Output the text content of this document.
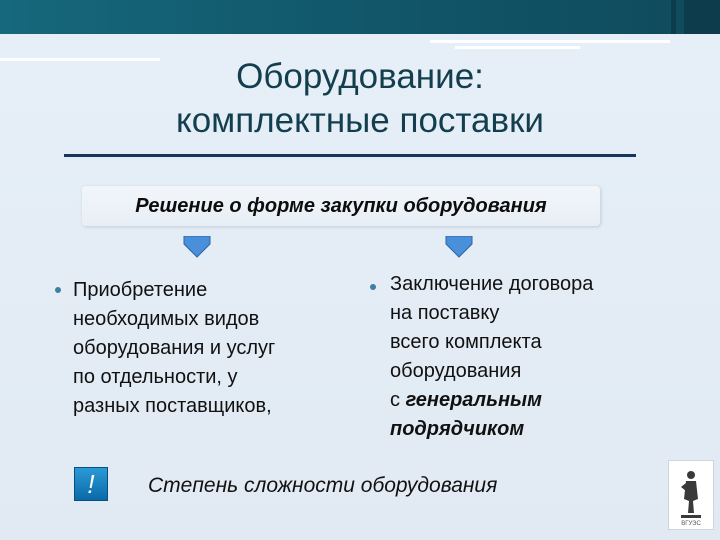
Оборудование:
комплектные поставки
Решение о форме закупки оборудования
Приобретение
необходимых видов
оборудования и услуг
по отдельности, у
разных поставщиков,
Заключение договора
на поставку
всего комплекта
оборудования
с генеральным
подрядчиком
!	Степень сложности оборудования
ВГУЭС
